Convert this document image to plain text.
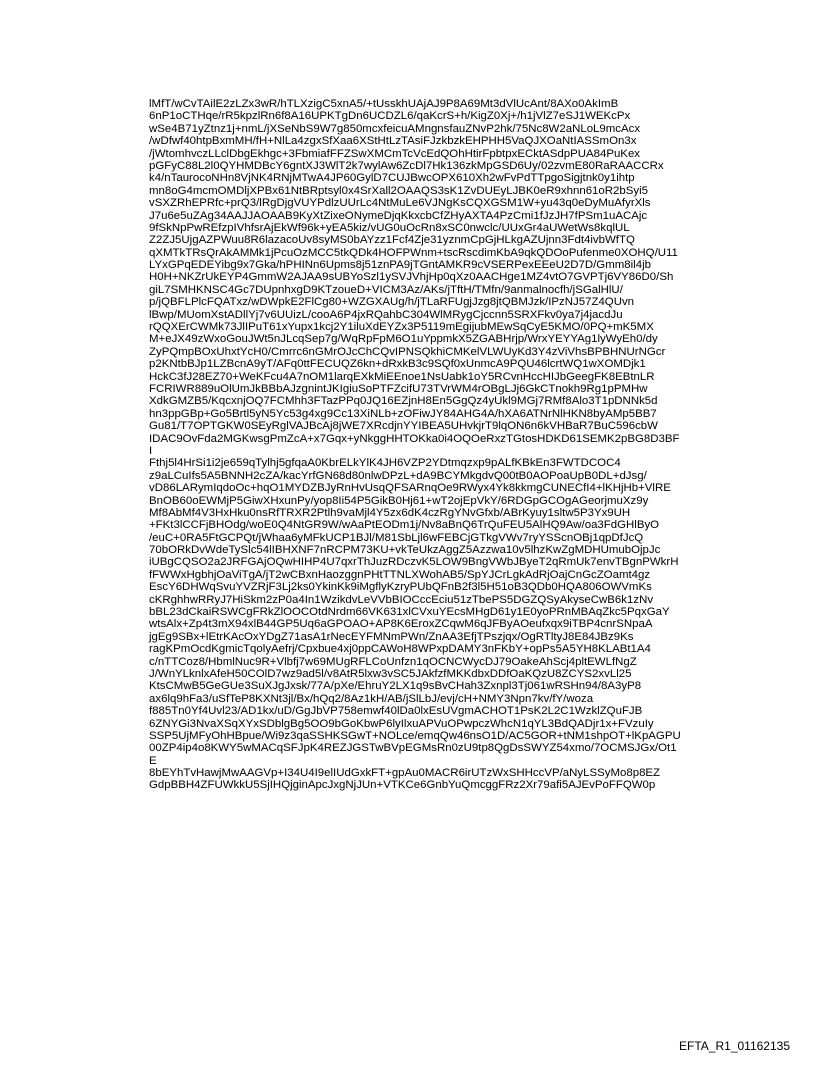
lMfT/wCvTAilE2zLZx3wR/hTLXzigC5xnA5/+tUsskhUAjAJ9P8A69Mt3dVlUcAnt/8AXo0AkImB
6nP1oCTHqe/rR5kpzlRn6f8A16UPKTgDn6UCDZL6/qaKcrS+h/KigZ0Xj+/h1jVlZ7eSJ1WEKcPx
wSe4B71yZtnz1j+nmL/jXSeNbS9W7g850mcxfeicuAMngnsfauZNvP2hk/75Nc8W2aNLoL9mcAcx
/wDfwf40htpBxmMH/fH+NlLa4zgxSfXaa6XStHtLzTAsiFJzkbzkEHPHH5VaQJXOaNtIASSmOn3x
/jWtomhvczLLclDbgEkhgc+3FbmiafFFZSwXMCmTcVcEdQOhHtirFpbtpxECktASdpPUA84PuKex
pGFyC88L2l0QYHMDBcY6gntXJ3WlT2k7wylAw6ZcDl7Hk136zkMpGSD6Uy/02zvmE80RaRAACCRx
k4/nTaurocoNHn8VjNK4RNjMTwA4JP60GylD7CUJBwcOPX610Xh2wFvPdTTpgoSigjtnk0y1ihtp
mn8oG4mcmOMDljXPBx61NtBRptsyl0x4SrXall2OAAQS3sK1ZvDUEyLJBK0eR9xhnn61oR2bSyi5
vSXZRhEPRfc+prQ3/lRgDjgVUYPdlzUUrLc4NtMuLe6VJNgKsCQXGSM1W+yu43q0eDyMuAfyrXls
J7u6e5uZAg34AAJJAOAAB9KyXtZixeONymeDjqKkxcbCfZHyAXTA4PzCmi1fJzJH7fPSm1uACAjc
9fSkNpPwREfzpIVhfsrAjEkWf96k+yEA5kiz/vUG0uOcRn8xSC0nwclc/UUxGr4aUWetWs8kqlUL
Z2ZJ5UjgAZPWuu8R6lazacoUv8syMS0bAYzz1Fcf4Zje31yznmCpGjHLkgAZUjnn3Fdt4ivbWfTQ
qXMTkTRsQrAkAMMk1jPcuOzMCC5tkQDk4HOFPWnm+tscRscdimKbA9qkQDOoPufenme0XOHQ/U11
LYxGPqEDEYibg9x7Gka/hPHINn6Upms8j51znPA9jTGntAMKR9cVSERPexEEeU2D7D/Gmm8il4jb
H0H+NKZrUkEYP4GmmW2AJAA9sUBYoSzl1ySVJVhjHp0qXz0AACHge1MZ4vtO7GVPTj6VY86D0/Sh
giL7SMHKNSC4Gc7DUpnhxgD9KTzoueD+VICM3Az/AKs/jTftH/TMfn/9anmalnocfh/jSGalHlU/
p/jQBFLPlcFQATxz/wDWpkE2FlCg80+WZGXAUg/h/jTLaRFUgjJzg8jtQBMJzk/IPzNJ57Z4QUvn
lBwp/MUomXstADllYj7v6UUizL/cooA6P4jxRQahbC304WlMRygCjccnn5SRXFkv0ya7j4jacdJu
rQQXErCWMk73JlIPuT61xYupx1kcj2Y1iluXdEYZx3P5119mEgijubMEwSqCyE5KMO/0PQ+mK5MX
M+eJX49zWxoGouJWt5nJLcqSep7g/WqRpFpM6O1uYppmkX5ZGABHrjp/WrxYEYYAg1lyWyEh0/dy
ZyPQmpBOxUhxtYcH0/Cmrrc6nGMrOJcChCQvIPNSQkhiCMKelVLWUyKd3Y4zViVhsBPBHNUrNGcr
p2KNtbBJp1LZBcnA9yT/AFq0ttFECUQZ6kn+dRxkB3c9SQf0xUnmcA9PQU46lcrtWQ1wXOMDjk1
HckC3fJ28EZ70+WeKFcu4A7nOM1larqEXkMiEEnoe1NsUabk1oY5RCvnHccHIJbGeegFK8EBtnLR
FCRIWR889uOlUmJkBBbAJzgnintJKIgiuSoPTFZcifU73TVrWM4rOBgLJj6GkCTnokh9Rg1pPMHw
XdkGMZB5/KqcxnjOQ7FCMhh3FTazPPq0JQ16EZjnH8En5GgQz4yUkl9MGj7RMf8Alo3T1pDNNk5d
hn3ppGBp+Go5Brtl5yN5Yc53g4xg9Cc13XiNLb+zOFiwJY84AHG4A/hXA6ATNrNlHKN8byAMp5BB7
Gu81/T7OPTGKW0SEyRglVAJBcAj8jWE7XRcdjnYYIBEA5UHvkjrT9lqON6n6kVHBaR7BuC596cbW
IDAC9OvFda2MGKwsgPmZcA+x7Gqx+yNkggHHTOKka0i4OQOeRxzTGtosHDKD61SEMK2pBG8D3BF
I
Fthj5l4HrSi1i2je659qTylhj5gfqaA0KbrELkYlK4JH6VZP2YDtmqzxp9pALfKBkEn3FWTDCOC4
z9aLCuIfs5A5BNNH2cZA/kacYrfGN68d80nlwDPzL+dA9BCYMkgdvQ00tB0AOPoaUpB0DL+dJsg/
vD86LARymIqdoOc+hqO1MYDZBJyRnHvUsqQFSARnqOe9RWyx4Yk8kkmgCUNECfI4+lKHjHb+VlRE
BnOB60oEWMjP5GiwXHxunPy/yop8Ii54P5GikB0Hj61+wT2ojEpVkY/6RDGpGCOgAGeorjmuXz9y
Mf8AbMf4V3HxHku0nsRfTRXR2Ptlh9vaMjl4Y5zx6dK4czRgYNvGfxb/ABrKyuy1sltw5P3Yx9UH
+FKt3lCCFjBHOdg/woE0Q4NtGR9W/wAaPtEODm1j/Nv8aBnQ6TrQuFEU5AlHQ9Aw/oa3FdGHlByO
/euC+0RA5FtGCPQt/jWhaa6yMFkUCP1BJl/M81SbLjl6wFEBCjGTkgVWv7ryYSScnOBj1qpDfJcQ
70bORkDvWdeTySlc54lIBHXNF7nRCPM73KU+vkTeUkzAggZ5Azzwa10v5lhzKwZgMDHUmubOjpJc
iUBgCQSO2a2JRFGAjOQwHIHP4U7qxrThJuzRDczvK5LOW9BngVWbJByeT2qRmUk7envTBgnPWkrH
fFWWxHgbhjOaViTgA/jT2wCBxnHaozggnPHtTTNLXWohAB5/SpYJCrLgkAdRjOajCnGcZOamt4gz
EscY6DHWqSvuYVZRjF3Lj2ks0YkinKk9iMgflyKzryPUbQFnB2f3l5H51oB3QDb0HQA806OWVmKs
cKRghhwRRyJ7HiSkm2zP0a4In1WzikdvLeVVbBIOCccEciu51zTbePS5DGZQSyAkyseCwB6k1zNv
bBL23dCkaiRSWCgFRkZlOOCOtdNrdm66VK631xlCVxuYEcsMHgD61y1E0yoPRnMBAqZkc5PqxGaY
wtsAlx+Zp4t3mX94xlB44GP5Uq6aGPOAO+AP8K6EroxZCqwM6qJFByAOeufxqx9iTBP4cnrSNpaA
jgEg9SBx+lEtrKAcOxYDgZ71asA1rNecEYFMNmPWn/ZnAA3EfjTPszjqx/OgRTltyJ8E84JBz9Ks
ragKPmOcdKgmicTqolyAefrj/Cpxbue4xj0ppCAWoH8WPxpDAMY3nFKbY+opPs5A5YH8KLABt1A4
c/nTTCoz8/HbmlNuc9R+Vlbfj7w69MUgRFLCoUnfzn1qOCNCWycDJ79OakeAhScj4pltEWLfNgZ
J/WnYLknlxAfeH50COlD7wz9ad5l/v8AtR5lxw3vSC5JAkfzfMKKdbxDDfOaKQzU8ZCYS2xvLl25
KtsCMwB5GeGUe3SuXJgJxsk/77A/pXe/EhruY2LX1q9sBvCHah3Zxnpl3Tj061wRSHn94/8A3yP8
ax6lq9hFa3/uSfTeP8KXNt3jl/Bx/hQq2/8Az1kH/AB/jSlLbJ/evj/cH+NMY3Npn7kv/fY/woza
f885Tn0Yf4Uvl23/AD1kx/uD/GgJbVP758emwf40lDa0lxEsUVgmACHOT1PsK2L2C1WzklZQuFJB
6ZNYGi3NvaXSqXYxSDblgBg5OO9bGoKbwP6lyIlxuAPVuOPwpczWhcN1qYL3BdQADjr1x+FVzuIy
SSP5UjMFyOhHBpue/Wi9z3qaSSHKSGwT+NOLce/emqQw46nsO1D/AC5GOR+tNM1shpOT+lKpAGPU
00ZP4ip4o8KWY5wMACqSFJpK4REZJGSTwBVpEGMsRn0zU9tp8QgDsSWYZ54xmo/7OCMSJGx/Ot1
E
8bEYhTvHawjMwAAGVp+I34U4I9elIUdGxkFT+gpAu0MACR6irUTzWxSHHccVP/aNyLSSyMo8p8EZ
GdpBBH4ZFUWkkU5SjIHQjginApcJxgNjJUn+VTKCe6GnbYuQmcggFRz2Xr79afi5AJEvPoFFQW0p
EFTA_R1_01162135
